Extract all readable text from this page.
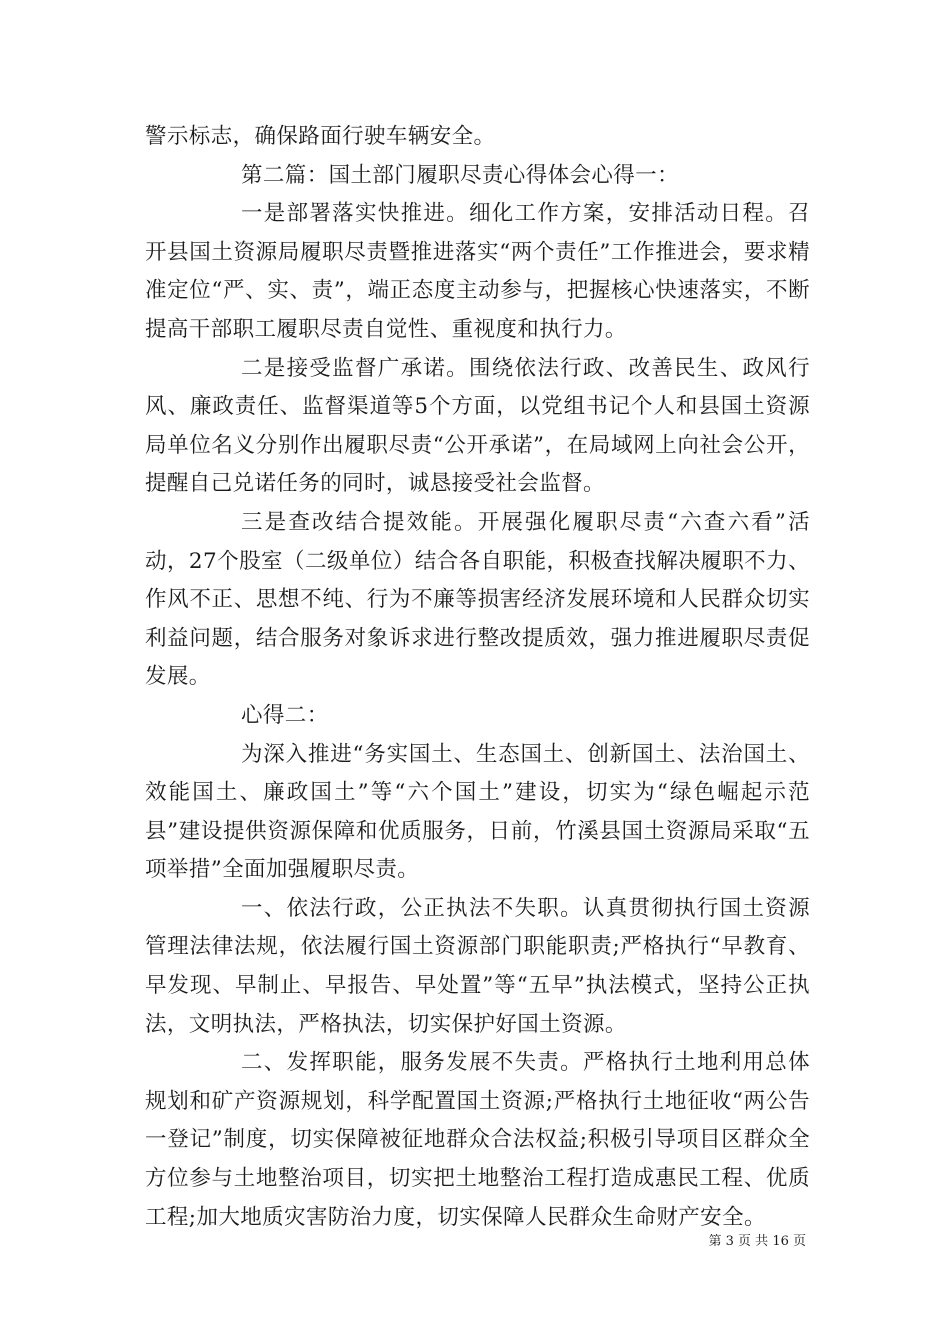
警示标志，确保路面行驶车辆安全。

第二篇：国土部门履职尽责心得体会心得一：

一是部署落实快推进。细化工作方案，安排活动日程。召开县国土资源局履职尽责暨推进落实“两个责任”工作推进会，要求精准定位“严、实、责”，端正态度主动参与，把握核心快速落实，不断提高干部职工履职尽责自觉性、重视度和执行力。

二是接受监督广承诺。围绕依法行政、改善民生、政风行风、廉政责任、监督渠道等5个方面，以党组书记个人和县国土资源局单位名义分别作出履职尽责“公开承诺”，在局域网上向社会公开，提醒自己兑诺任务的同时，诚恳接受社会监督。

三是查改结合提效能。开展强化履职尽责“六查六看”活动，27个股室（二级单位）结合各自职能，积极查找解决履职不力、作风不正、思想不纯、行为不廉等损害经济发展环境和人民群众切实利益问题，结合服务对象诉求进行整改提质效，强力推进履职尽责促发展。

心得二：

为深入推进“务实国土、生态国土、创新国土、法治国土、效能国土、廉政国土”等“六个国土”建设，切实为“绿色崛起示范县”建设提供资源保障和优质服务，日前，竹溪县国土资源局采取“五项举措”全面加强履职尽责。

一、依法行政，公正执法不失职。认真贯彻执行国土资源管理法律法规，依法履行国土资源部门职能职责;严格执行“早教育、早发现、早制止、早报告、早处置”等“五早”执法模式，坚持公正执法，文明执法，严格执法，切实保护好国土资源。

二、发挥职能，服务发展不失责。严格执行土地利用总体规划和矿产资源规划，科学配置国土资源;严格执行土地征收“两公告一登记”制度，切实保障被征地群众合法权益;积极引导项目区群众全方位参与土地整治项目，切实把土地整治工程打造成惠民工程、优质工程;加大地质灾害防治力度，切实保障人民群众生命财产安全。

第 3 页 共 16 页
